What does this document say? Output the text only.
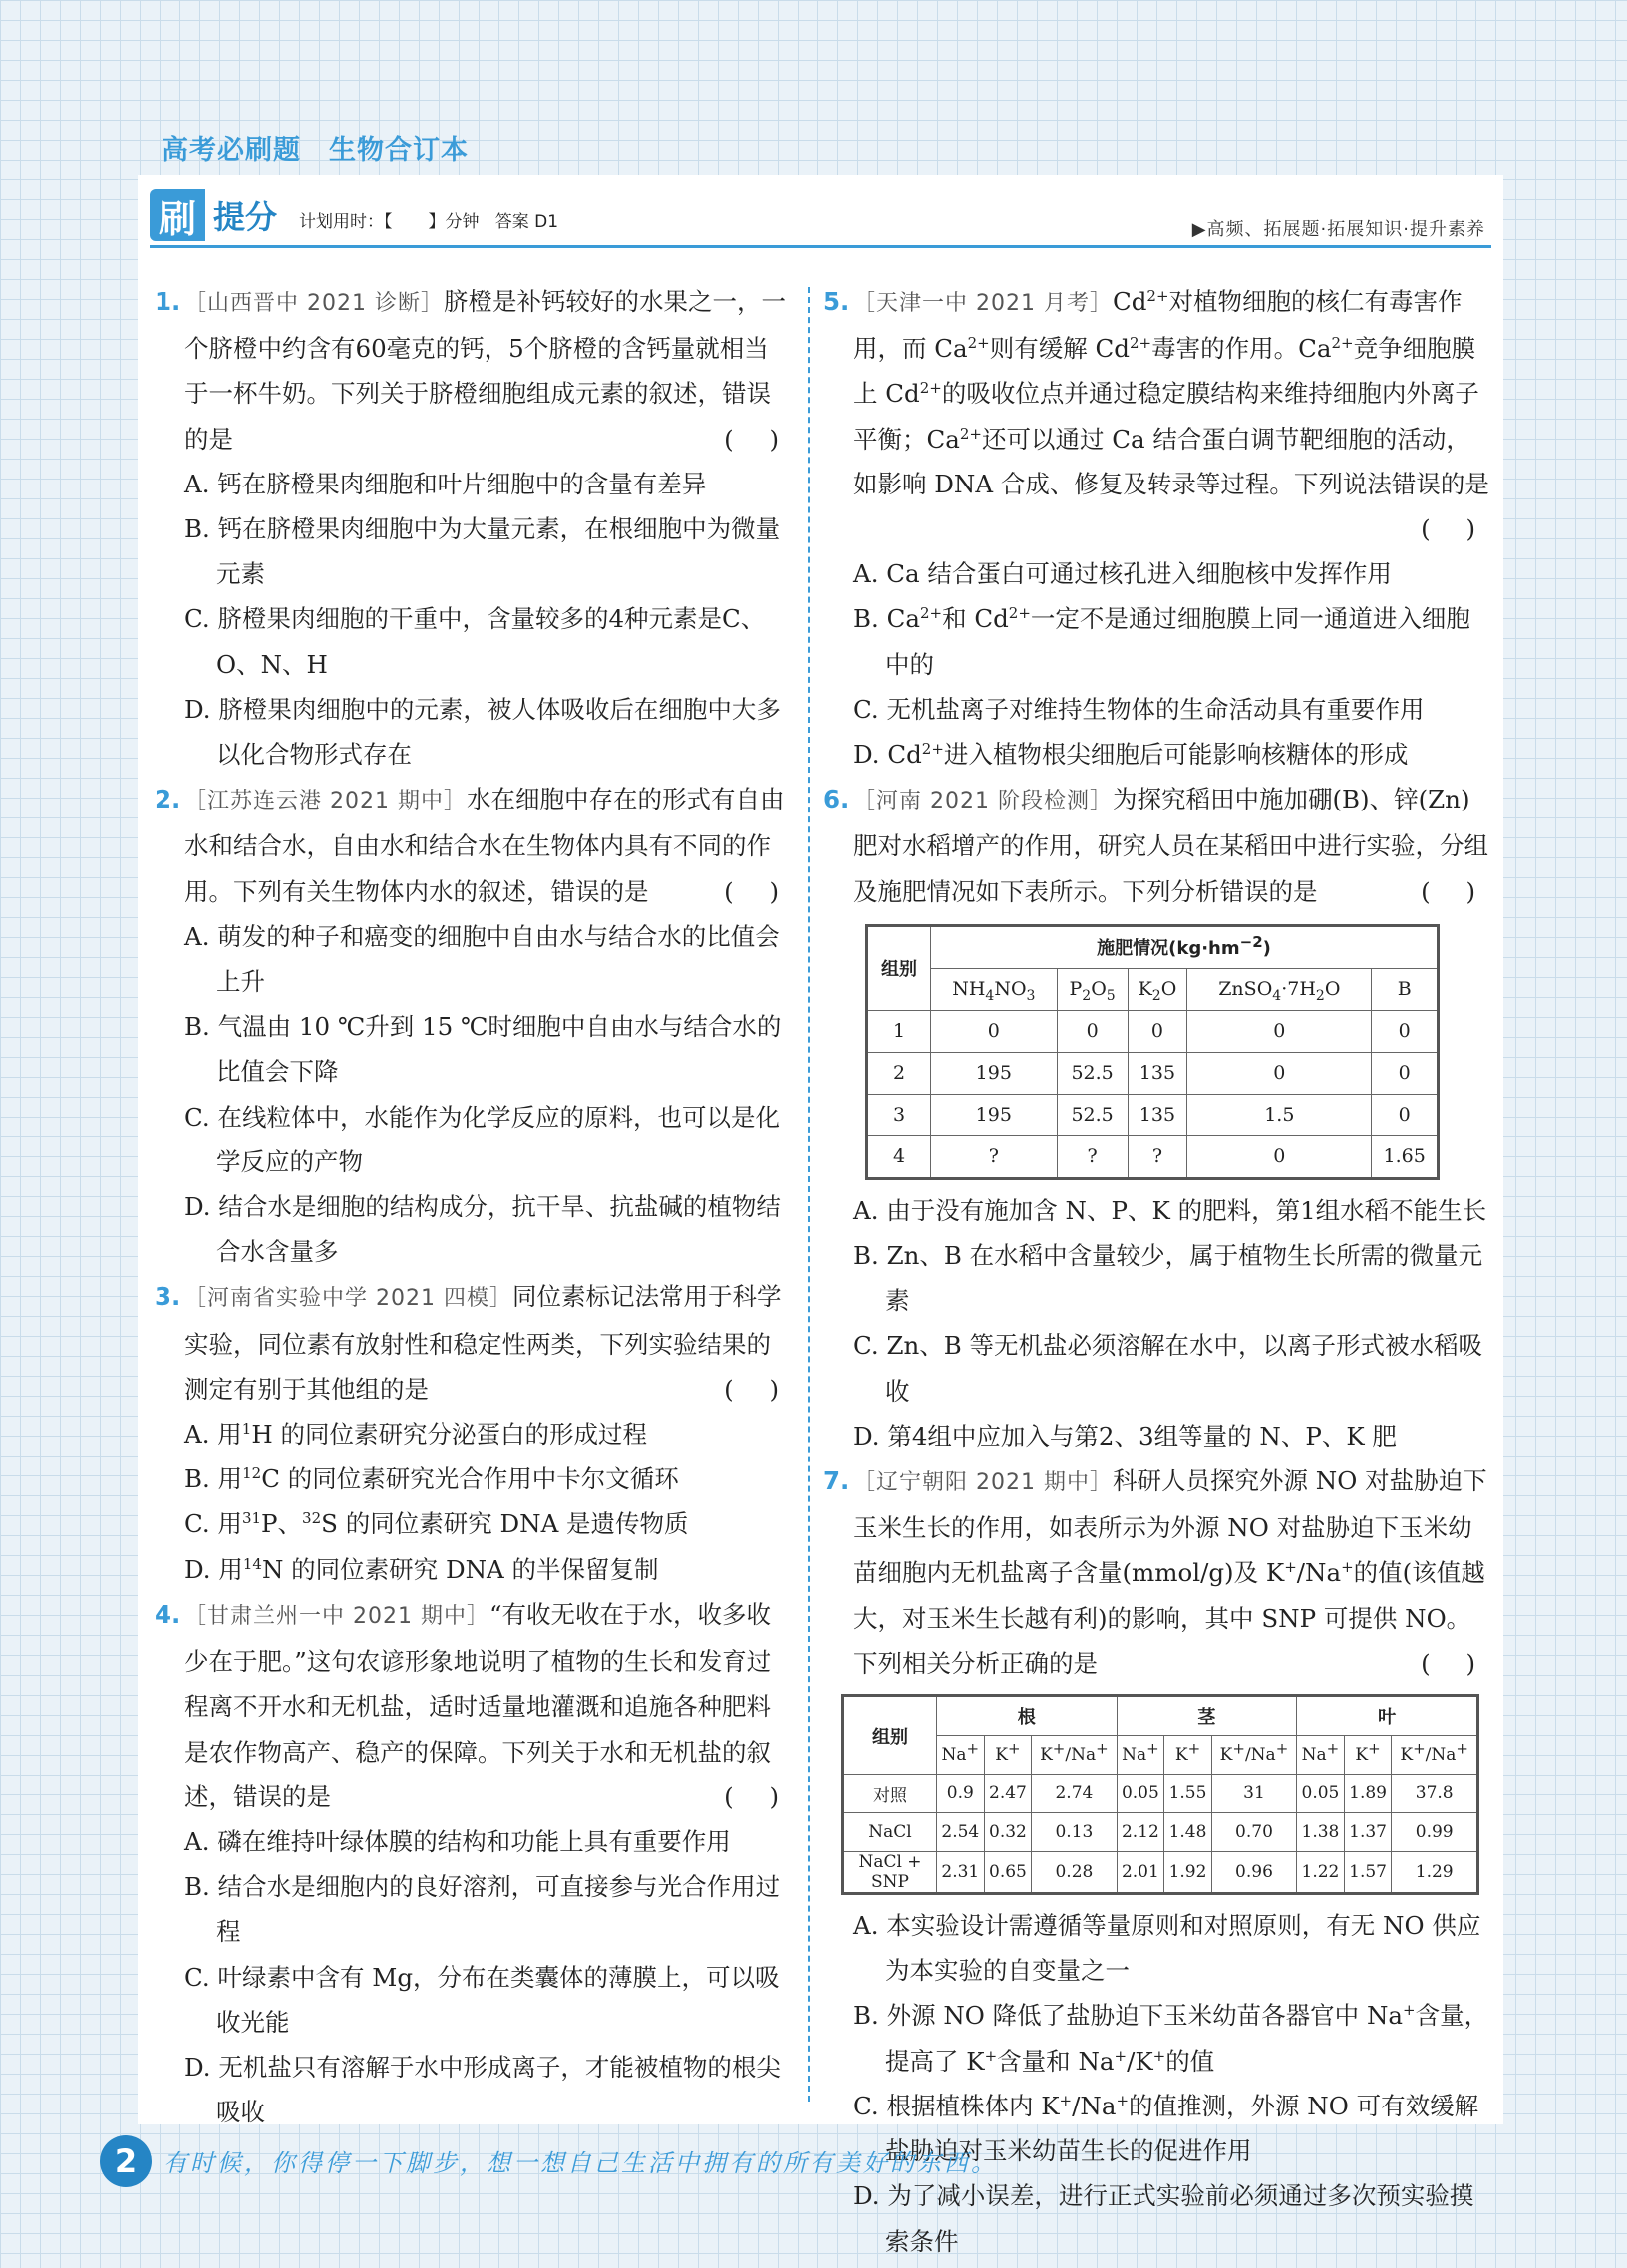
高考必刷题 生物合订本
刷 提分	计划用时：【 】分钟 答案 D1	▶高频、拓展题·拓展知识·提升素养
1. ［山西晋中 2021 诊断］脐橙是补钙较好的水果之一，一个脐橙中约含有60毫克的钙，5个脐橙的含钙量就相当于一杯牛奶。下列关于脐橙细胞组成元素的叙述，错误的是	( )
A. 钙在脐橙果肉细胞和叶片细胞中的含量有差异
B. 钙在脐橙果肉细胞中为大量元素，在根细胞中为微量元素
C. 脐橙果肉细胞的干重中，含量较多的4种元素是C、O、N、H
D. 脐橙果肉细胞中的元素，被人体吸收后在细胞中大多以化合物形式存在
2. ［江苏连云港 2021 期中］水在细胞中存在的形式有自由水和结合水，自由水和结合水在生物体内具有不同的作用。下列有关生物体内水的叙述，错误的是	( )
A. 萌发的种子和癌变的细胞中自由水与结合水的比值会上升
B. 气温由 10 ℃升到 15 ℃时细胞中自由水与结合水的比值会下降
C. 在线粒体中，水能作为化学反应的原料，也可以是化学反应的产物
D. 结合水是细胞的结构成分，抗干旱、抗盐碱的植物结合水含量多
3. ［河南省实验中学 2021 四模］同位素标记法常用于科学实验，同位素有放射性和稳定性两类，下列实验结果的测定有别于其他组的是	( )
A. 用$^1$H 的同位素研究分泌蛋白的形成过程
B. 用$^{12}$C 的同位素研究光合作用中卡尔文循环
C. 用$^{31}$P、$^{32}$S 的同位素研究 DNA 是遗传物质
D. 用$^{14}$N 的同位素研究 DNA 的半保留复制
4. ［甘肃兰州一中 2021 期中］“有收无收在于水，收多收少在于肥。”这句农谚形象地说明了植物的生长和发育过程离不开水和无机盐，适时适量地灌溉和追施各种肥料是农作物高产、稳产的保障。下列关于水和无机盐的叙述，错误的是	( )
A. 磷在维持叶绿体膜的结构和功能上具有重要作用
B. 结合水是细胞内的良好溶剂，可直接参与光合作用过程
C. 叶绿素中含有 Mg，分布在类囊体的薄膜上，可以吸收光能
D. 无机盐只有溶解于水中形成离子，才能被植物的根尖吸收
5. ［天津一中 2021 月考$]Cd^{2+}$对植物细胞的核仁有毒害作用，而 $Ca^{2+}$则有缓解 $Cd^{2+}$毒害的作用。$Ca^{2+}$竞争细胞膜上 $Cd^{2+}$的吸收位点并通过稳定膜结构来维持细胞内外离子平衡；$Ca^{2+}$还可以通过 Ca 结合蛋白调节靶细胞的活动，如影响 DNA 合成、修复及转录等过程。下列说法错误的是
( )
A. Ca 结合蛋白可通过核孔进入细胞核中发挥作用
B. $Ca^{2+}$和 $Cd^{2+}$一定不是通过细胞膜上同一通道进入细胞中的
C. 无机盐离子对维持生物体的生命活动具有重要作用
D. $Cd^{2+}$进入植物根尖细胞后可能影响核糖体的形成
6. ［河南 2021 阶段检测］为探究稻田中施加硼(B)、锌(Zn)肥对水稻增产的作用，研究人员在某稻田中进行实验，分组及施肥情况如下表所示。下列分析错误的是	( )
组别	施肥情况$(kg\cdot hm^{-2})$				
	$NH_4NO_3$	$P_2O_5$	$K_2O$	$ZnSO_4\cdot 7H_2O$	B
1	0	0	0	0	0
2	195	52.5	135	0	0
3	195	52.5	135	1.5	0
4	?	?	?	0	1.65
A. 由于没有施加含 N、P、K 的肥料，第1组水稻不能生长
B. Zn、B 在水稻中含量较少，属于植物生长所需的微量元素
C. Zn、B 等无机盐必须溶解在水中，以离子形式被水稻吸收
D. 第4组中应加入与第2、3组等量的 N、P、K 肥
7. ［辽宁朝阳 2021 期中］科研人员探究外源 NO 对盐胁迫下玉米生长的作用，如表所示为外源 NO 对盐胁迫下玉米幼苗细胞内无机盐离子含量(mmol/g)及 K+/Na+的值(该值越大，对玉米生长越有利)的影响，其中 SNP 可提供 NO。下列相关分析正确的是	( )
组别	根			茎			叶		
	Na+	K+	K+/Na+	Na+	K+	K+/Na+	Na+	K+	K+/Na+
对照	0.9	2.47	2.74	0.05	1.55	31	0.05	1.89	37.8
NaCl	2.54	0.32	0.13	2.12	1.48	0.70	1.38	1.37	0.99
NaCl + SNP	2.31	0.65	0.28	2.01	1.92	0.96	1.22	1.57	1.29
A. 本实验设计需遵循等量原则和对照原则，有无 NO 供应为本实验的自变量之一
B. 外源 NO 降低了盐胁迫下玉米幼苗各器官中 Na+含量，提高了 K+含量和 Na+/K+的值
C. 根据植株体内 K+/Na+的值推测，外源 NO 可有效缓解盐胁迫对玉米幼苗生长的促进作用
D. 为了减小误差，进行正式实验前必须通过多次预实验摸索条件
2	有时候，你得停一下脚步，想一想自己生活中拥有的所有美好的东西。
